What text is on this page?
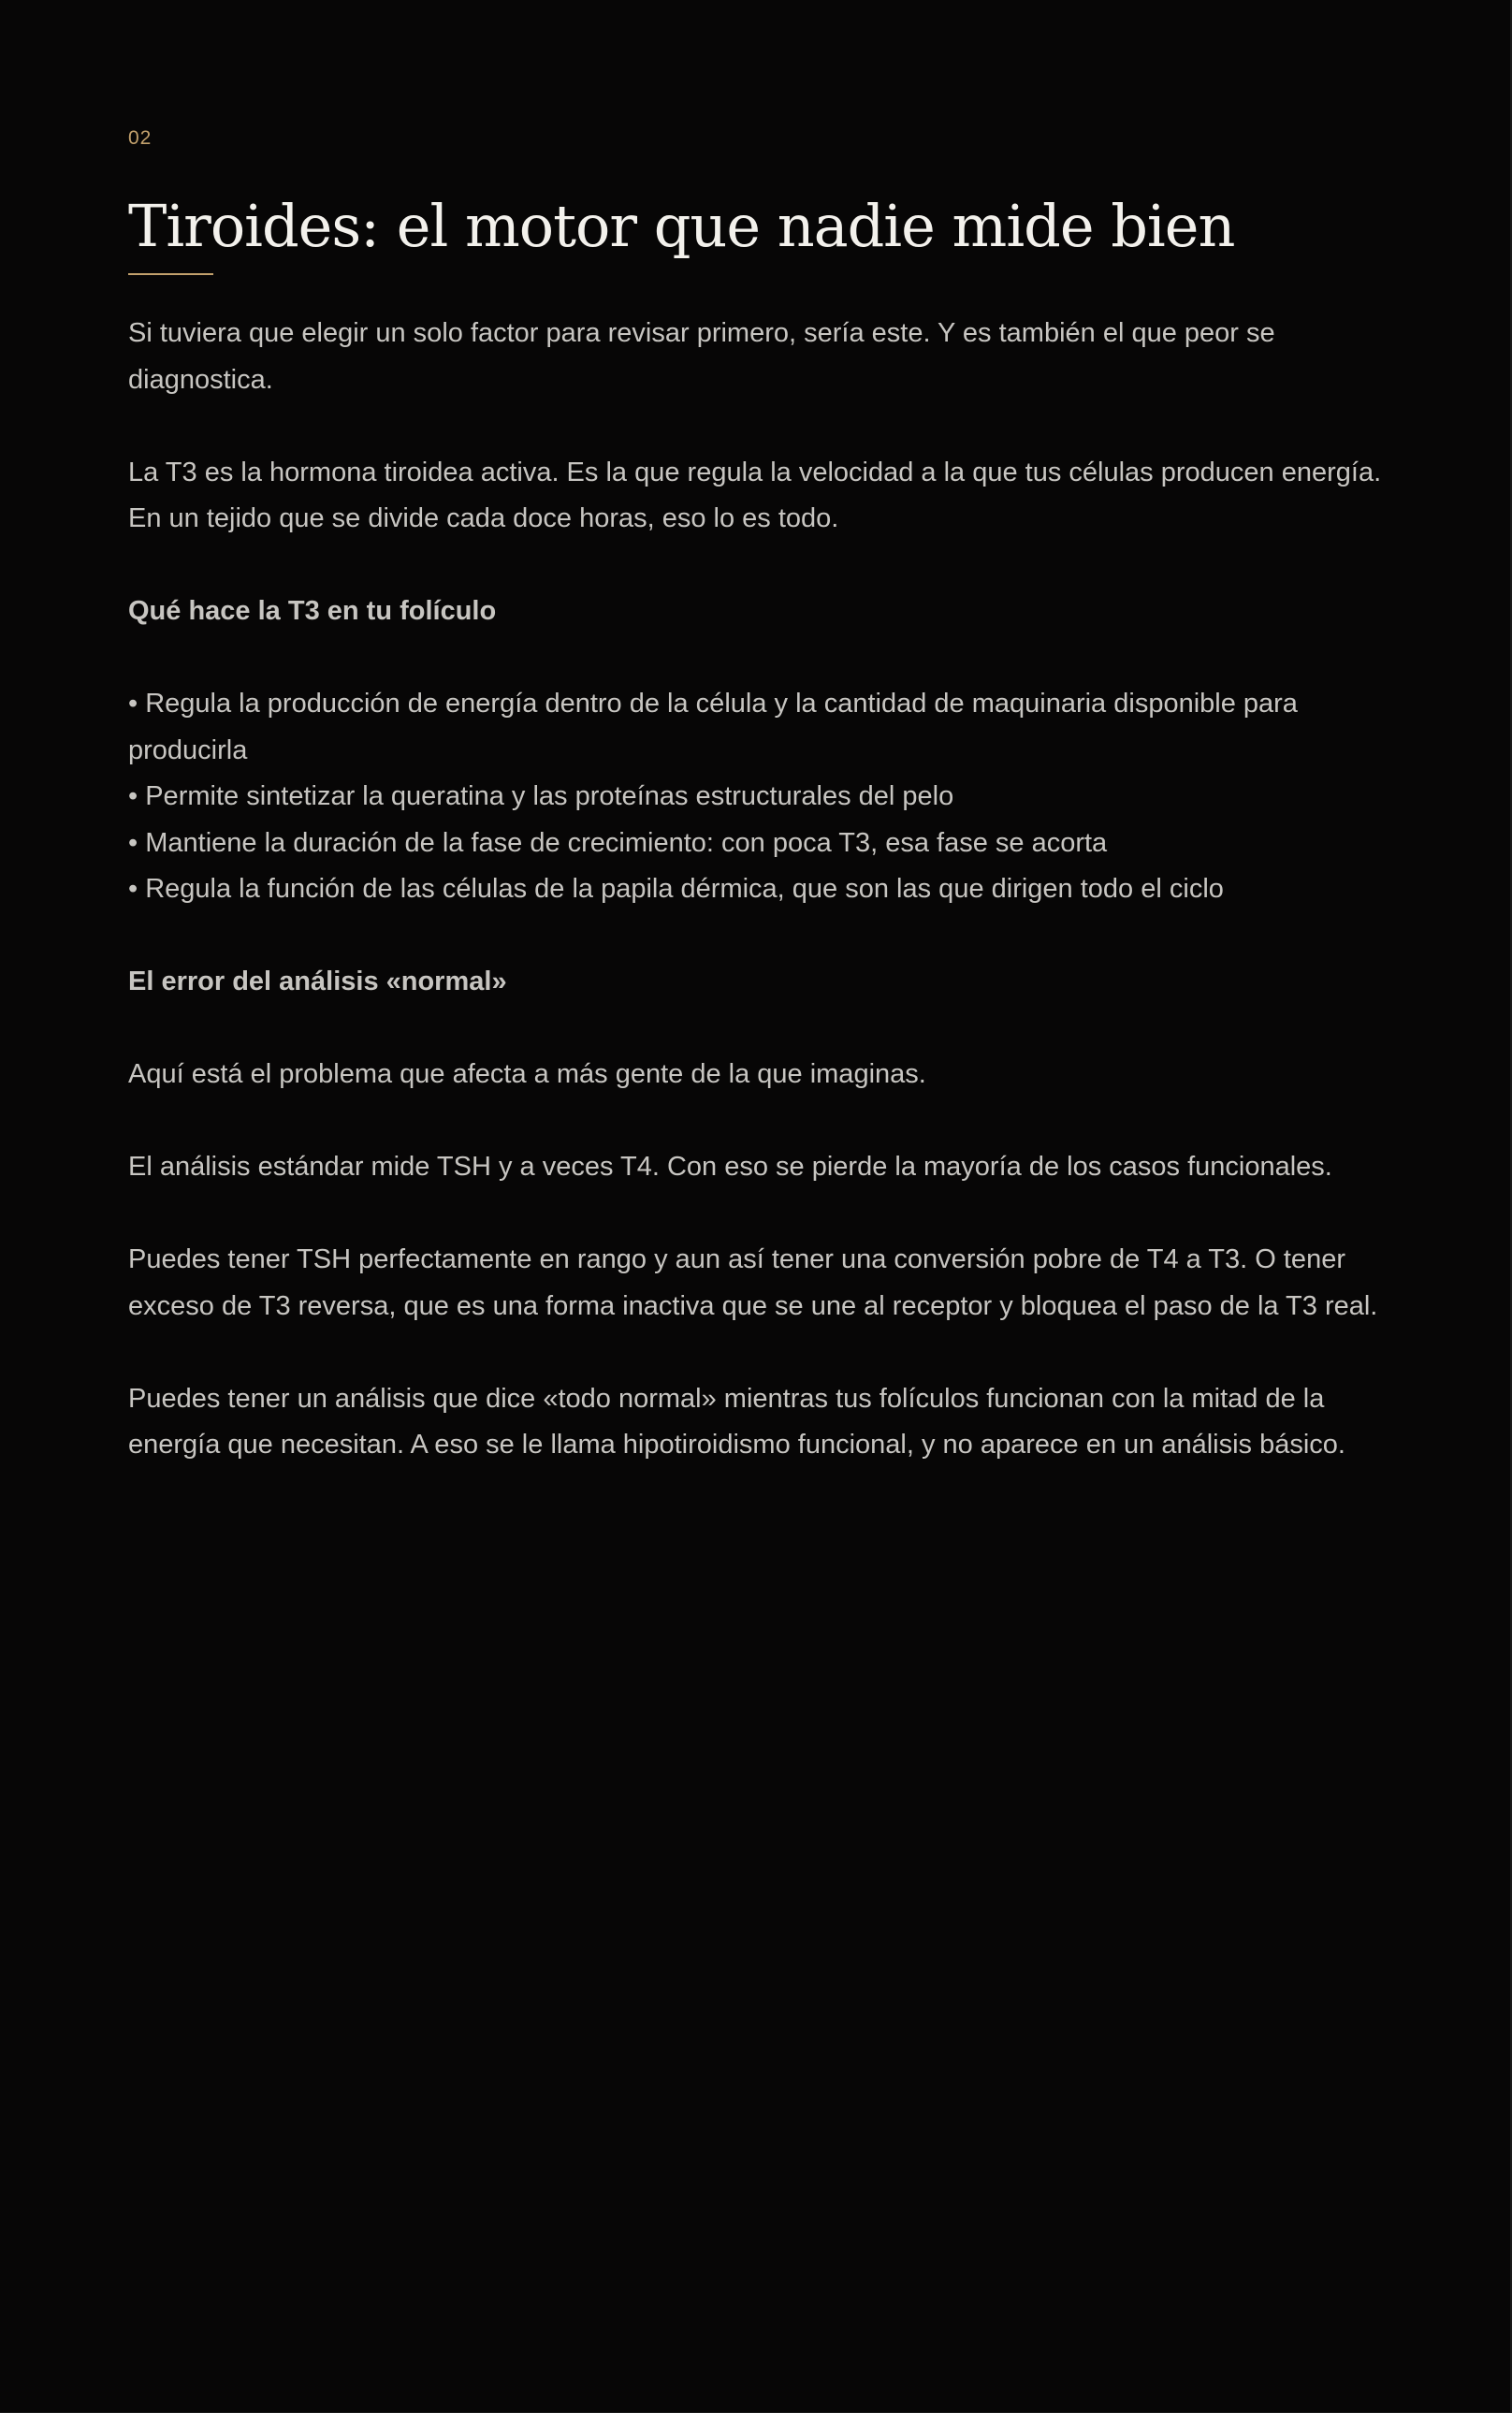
02

Tiroides: el motor que nadie mide bien

Si tuviera que elegir un solo factor para revisar primero, sería este. Y es también el que peor se diagnostica.

La T3 es la hormona tiroidea activa. Es la que regula la velocidad a la que tus células producen energía. En un tejido que se divide cada doce horas, eso lo es todo.

Qué hace la T3 en tu folículo
• Regula la producción de energía dentro de la célula y la cantidad de maquinaria disponible para producirla
• Permite sintetizar la queratina y las proteínas estructurales del pelo
• Mantiene la duración de la fase de crecimiento: con poca T3, esa fase se acorta
• Regula la función de las células de la papila dérmica, que son las que dirigen todo el ciclo
El error del análisis «normal»

Aquí está el problema que afecta a más gente de la que imaginas.

El análisis estándar mide TSH y a veces T4. Con eso se pierde la mayoría de los casos funcionales.

Puedes tener TSH perfectamente en rango y aun así tener una conversión pobre de T4 a T3. O tener exceso de T3 reversa, que es una forma inactiva que se une al receptor y bloquea el paso de la T3 real.

Puedes tener un análisis que dice «todo normal» mientras tus folículos funcionan con la mitad de la energía que necesitan. A eso se le llama hipotiroidismo funcional, y no aparece en un análisis básico.
